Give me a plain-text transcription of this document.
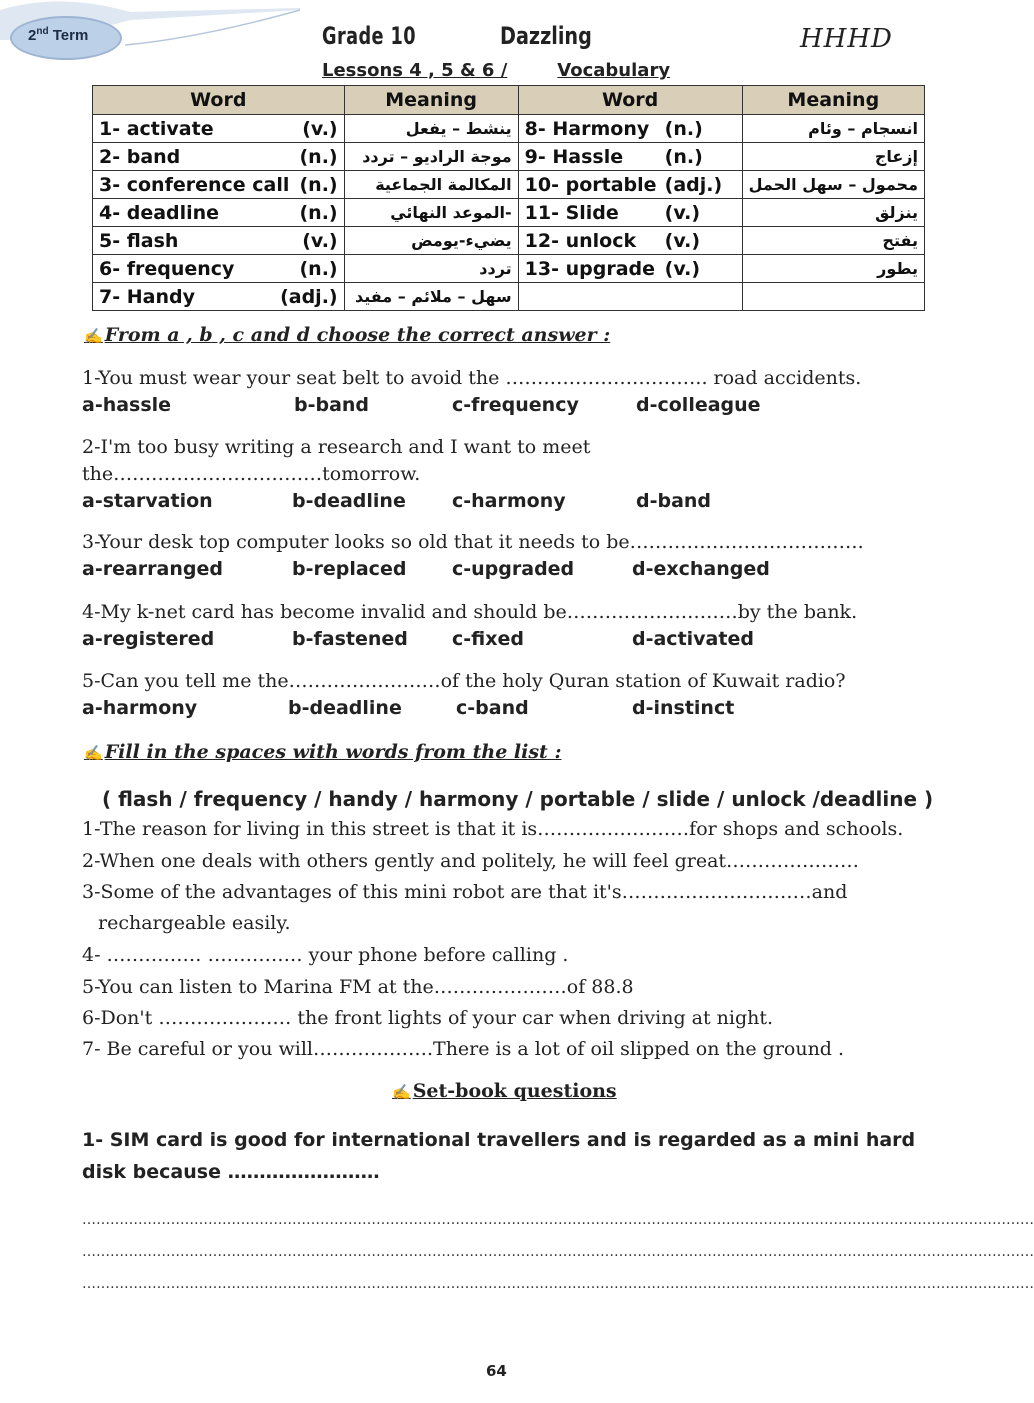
2nd Term	Grade 10	Dazzling	HHHD
Lessons 4 , 5 & 6 /	Vocabulary
Word	Meaning	Word	Meaning

1- activate (v.)	ينشط – يفعل	8- Harmony (n.)	انسجام – وئام

2- band (n.)	موجة الراديو – تردد	9- Hassle (n.)	إزعاج

3- conference call (n.)	المكالمة الجماعية	10- portable (adj.)	محمول – سهل الحمل

4- deadline (n.)	-الموعد النهائي	11- Slide (v.)	ينزلق

5- flash (v.)	يضيء-يومض	12- unlock (v.)	يفتح

6- frequency (n.)	تردد	13- upgrade (v.)	يطور

7- Handy (adj.)	سهل – ملائم – مفيد	

✍ From a , b , c and d choose the correct answer :
1-You must wear your seat belt to avoid the ………………………….. road accidents.
a-hassle	b-band	c-frequency	d-colleague
2-I'm too busy writing a research and I want to meet
the……………………………tomorrow.
a-starvation	b-deadline c-harmony	d-band
3-Your desk top computer looks so old that it needs to be……………………………….
a-rearranged	b-replaced c-upgraded	d-exchanged
4-My k-net card has become invalid and should be………………………by the bank.
a-registered	b-fastened c-fixed	d-activated
5-Can you tell me the……………………of the holy Quran station of Kuwait radio?
a-harmony	b-deadline	c-band	d-instinct
✍ Fill in the spaces with words from the list :
( flash / frequency / handy / harmony / portable / slide / unlock /deadline )
1-The reason for living in this street is that it is……………………for shops and schools.
2-When one deals with others gently and politely, he will feel great…………………
3-Some of the advantages of this mini robot are that it's…………………………and
rechargeable easily.
4- …………… …………… your phone before calling .
5-You can listen to Marina FM at the…………………of 88.8
6-Don't ………………… the front lights of your car when driving at night.
7- Be careful or you will……………….There is a lot of oil slipped on the ground .
✍ Set-book questions
1- SIM card is good for international travellers and is regarded as a mini hard
disk because ……………………
……………………………………………………………………………………………………………………………………………………………………………………
……………………………………………………………………………………………………………………………………………………………………………………
……………………………………………………………………………………………………………………………………………………………………………………
64
